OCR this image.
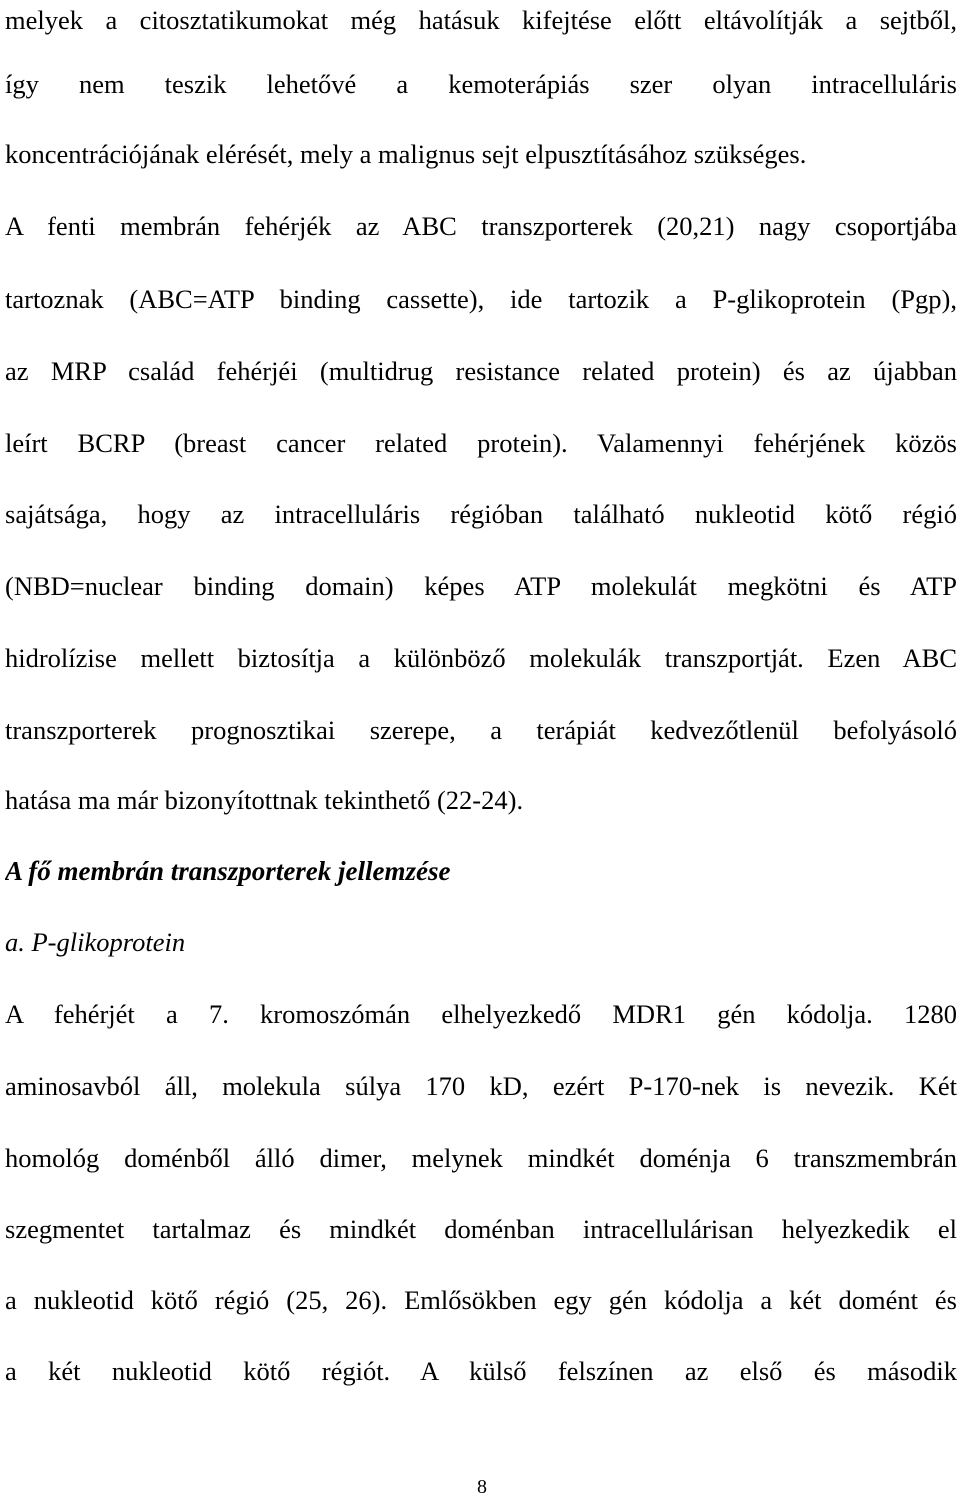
melyek a citosztatikumokat még hatásuk kifejtése előtt eltávolítják a sejtből,
így nem teszik lehetővé a kemoterápiás szer olyan intracelluláris
koncentrációjának elérését, mely a malignus sejt elpusztításához szükséges.
A fenti membrán fehérjék az ABC transzporterek (20,21) nagy csoportjába
tartoznak (ABC=ATP binding cassette), ide tartozik a P-glikoprotein (Pgp),
az MRP család fehérjéi (multidrug resistance related protein) és az újabban
leírt BCRP (breast cancer related protein). Valamennyi fehérjének közös
sajátsága, hogy az intracelluláris régióban található nukleotid kötő régió
(NBD=nuclear binding domain) képes ATP molekulát megkötni és ATP
hidrolízise mellett biztosítja a különböző molekulák transzportját. Ezen ABC
transzporterek prognosztikai szerepe, a terápiát kedvezőtlenül befolyásoló
hatása ma már bizonyítottnak tekinthető (22-24).
A fő membrán transzporterek jellemzése
a. P-glikoprotein
A fehérjét a 7. kromoszómán elhelyezkedő MDR1 gén kódolja. 1280
aminosavból áll, molekula súlya 170 kD, ezért P-170-nek is nevezik. Két
homológ doménből álló dimer, melynek mindkét doménja 6 transzmembrán
szegmentet tartalmaz és mindkét doménban intracellulárisan helyezkedik el
a nukleotid kötő régió (25, 26). Emlősökben egy gén kódolja a két domént és
a két nukleotid kötő régiót. A külső felszínen az első és második
8
